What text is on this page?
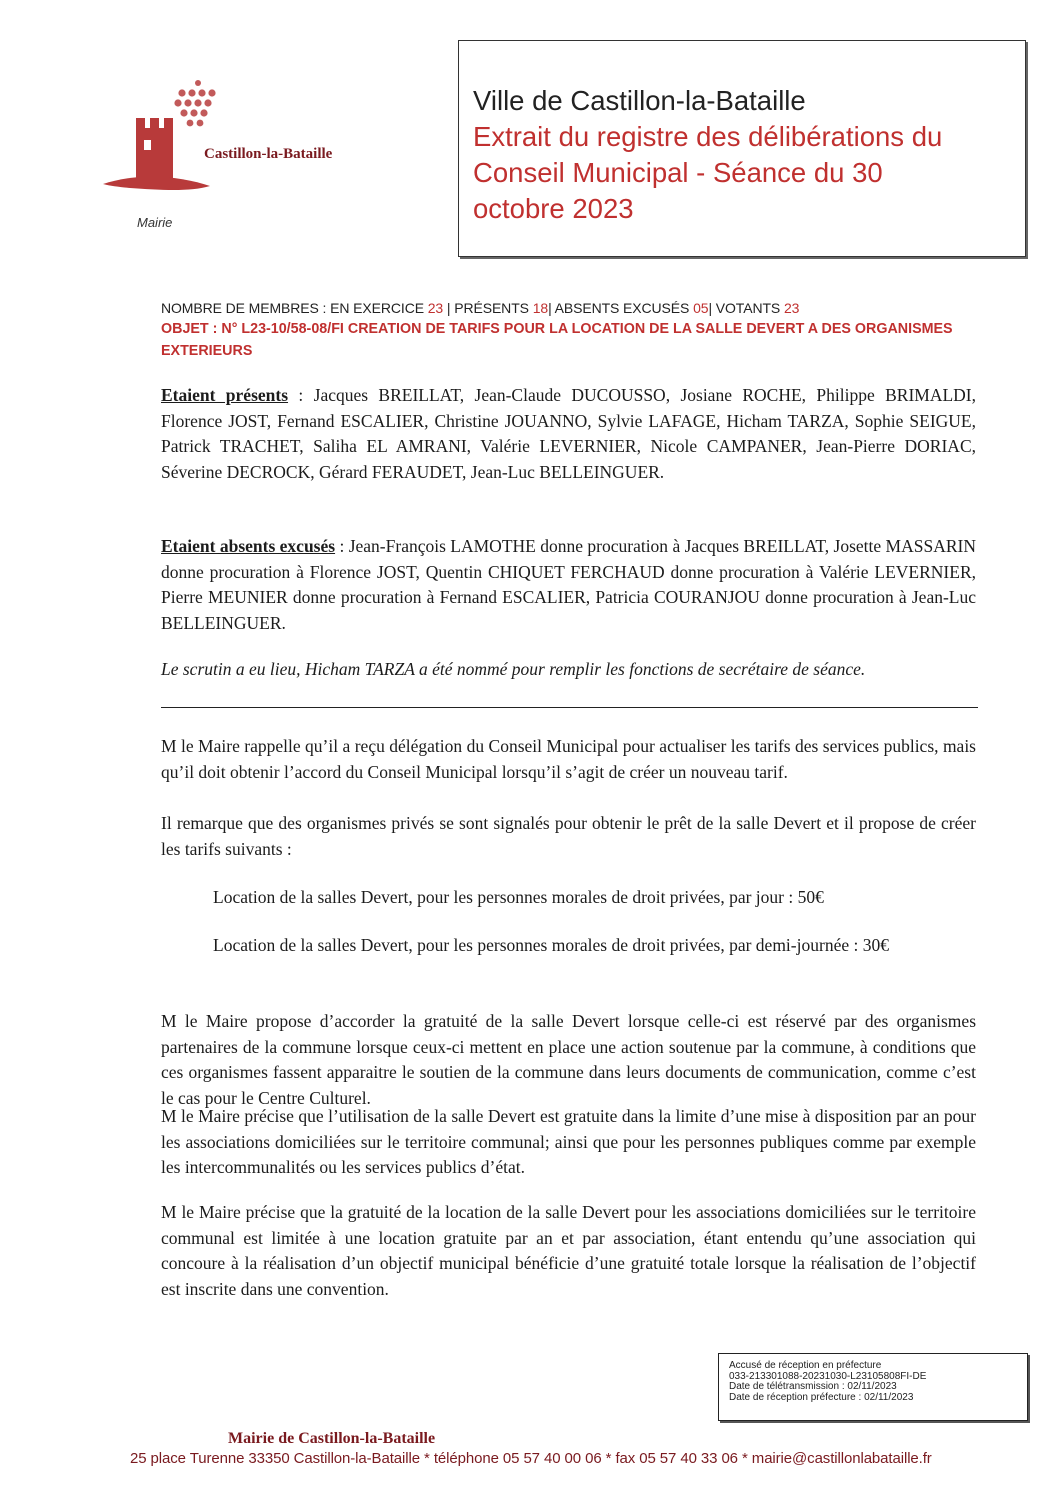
Castillon-la-Bataille
Mairie
Ville de Castillon-la-Bataille
Extrait du registre des délibérations du
Conseil Municipal - Séance du 30
octobre 2023
NOMBRE DE MEMBRES : EN EXERCICE 23 | PRÉSENTS 18| ABSENTS EXCUSÉS 05| VOTANTS 23
OBJET : N° L23-10/58-08/FI CREATION DE TARIFS POUR LA LOCATION DE LA SALLE DEVERT A DES ORGANISMES EXTERIEURS
Etaient présents : Jacques BREILLAT, Jean-Claude DUCOUSSO, Josiane ROCHE, Philippe BRIMALDI, Florence JOST, Fernand ESCALIER, Christine JOUANNO, Sylvie LAFAGE, Hicham TARZA, Sophie SEIGUE, Patrick TRACHET, Saliha EL AMRANI, Valérie LEVERNIER, Nicole CAMPANER, Jean-Pierre DORIAC, Séverine DECROCK, Gérard FERAUDET, Jean-Luc BELLEINGUER.
Etaient absents excusés : Jean-François LAMOTHE donne procuration à Jacques BREILLAT, Josette MASSARIN donne procuration à Florence JOST, Quentin CHIQUET FERCHAUD donne procuration à Valérie LEVERNIER, Pierre MEUNIER donne procuration à Fernand ESCALIER, Patricia COURANJOU donne procuration à Jean-Luc BELLEINGUER.
Le scrutin a eu lieu, Hicham TARZA a été nommé pour remplir les fonctions de secrétaire de séance.
M le Maire rappelle qu’il a reçu délégation du Conseil Municipal pour actualiser les tarifs des services publics, mais qu’il doit obtenir l’accord du Conseil Municipal lorsqu’il s’agit de créer un nouveau tarif.
Il remarque que des organismes privés se sont signalés pour obtenir le prêt de la salle Devert et il propose de créer les tarifs suivants :
Location de la salles Devert, pour les personnes morales de droit privées, par jour : 50€
Location de la salles Devert, pour les personnes morales de droit privées, par demi-journée : 30€
M le Maire propose d’accorder la gratuité de la salle Devert lorsque celle-ci est réservé par des organismes partenaires de la commune lorsque ceux-ci mettent en place une action soutenue par la commune, à conditions que ces organismes fassent apparaitre le soutien de la commune dans leurs documents de communication, comme c’est le cas pour le Centre Culturel.
M le Maire précise que l’utilisation de la salle Devert est gratuite dans la limite d’une mise à disposition par an pour les associations domiciliées sur le territoire communal; ainsi que pour les personnes publiques comme par exemple les intercommunalités ou les services publics d’état.
M le Maire précise que la gratuité de la location de la salle Devert pour les associations domiciliées sur le territoire communal est limitée à une location gratuite par an et par association, étant entendu qu’une association qui concoure à la réalisation d’un objectif municipal bénéficie d’une gratuité totale lorsque la réalisation de l’objectif est inscrite dans une convention.
Accusé de réception en préfecture
033-213301088-20231030-L23105808FI-DE
Date de télétransmission : 02/11/2023
Date de réception préfecture : 02/11/2023
Mairie de Castillon-la-Bataille
25 place Turenne 33350 Castillon-la-Bataille * téléphone 05 57 40 00 06 * fax 05 57 40 33 06 * mairie@castillonlabataille.fr
